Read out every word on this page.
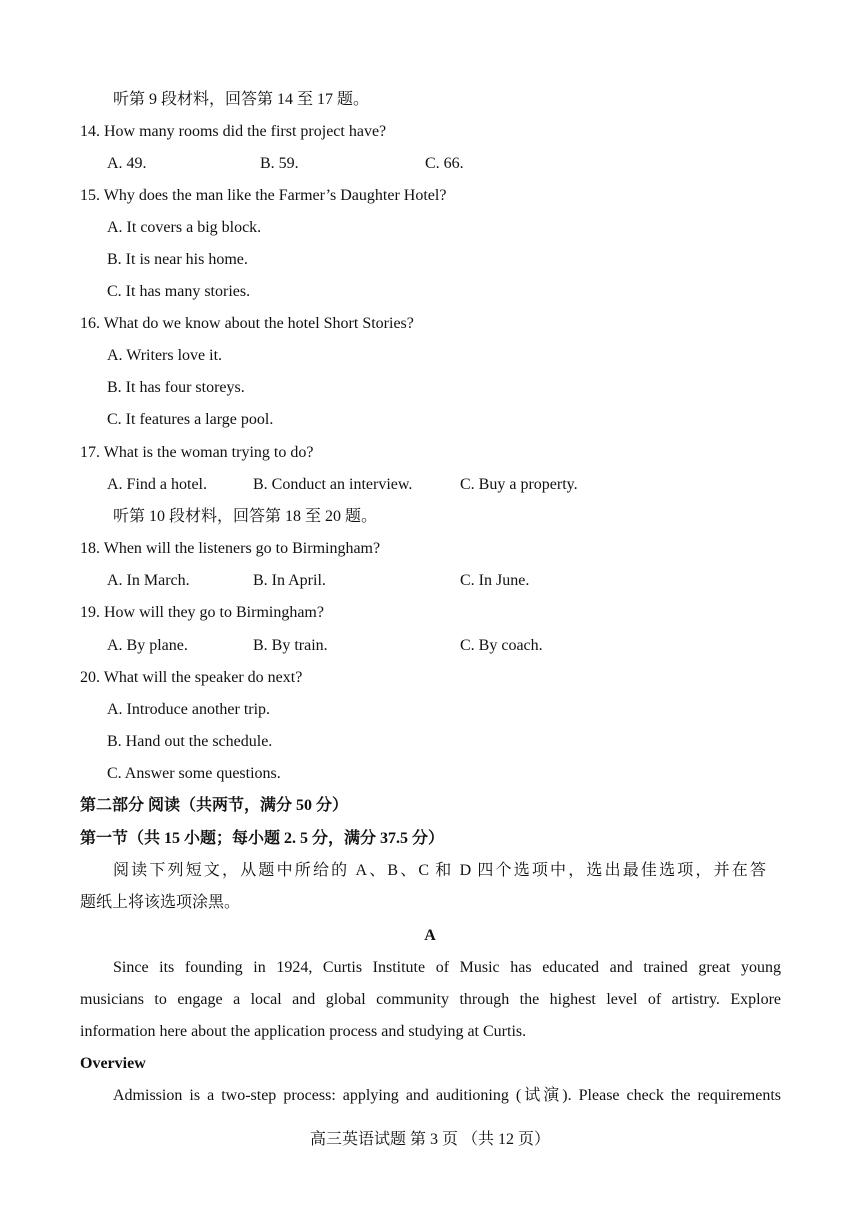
听第 9 段材料，回答第 14 至 17 题。
14. How many rooms did the first project have?
A. 49.	B. 59.	C. 66.
15. Why does the man like the Farmer’s Daughter Hotel?
A. It covers a big block.
B. It is near his home.
C. It has many stories.
16. What do we know about the hotel Short Stories?
A. Writers love it.
B. It has four storeys.
C. It features a large pool.
17. What is the woman trying to do?
A. Find a hotel.	B. Conduct an interview.	C. Buy a property.
听第 10 段材料，回答第 18 至 20 题。
18. When will the listeners go to Birmingham?
A. In March.	B. In April.	C. In June.
19. How will they go to Birmingham?
A. By plane.	B. By train.	C. By coach.
20. What will the speaker do next?
A. Introduce another trip.
B. Hand out the schedule.
C. Answer some questions.
第二部分 阅读（共两节，满分 50 分）
第一节（共 15 小题；每小题 2. 5 分，满分 37.5 分）
阅读下列短文，从题中所给的 A、B、C 和 D 四个选项中，选出最佳选项，并在答
题纸上将该选项涂黑。
A
Since its founding in 1924, Curtis Institute of Music has educated and trained great young
musicians to engage a local and global community through the highest level of artistry. Explore
information here about the application process and studying at Curtis.
Overview
Admission is a two-step process: applying and auditioning (试演). Please check the requirements
高三英语试题 第 3 页 （共 12 页）
